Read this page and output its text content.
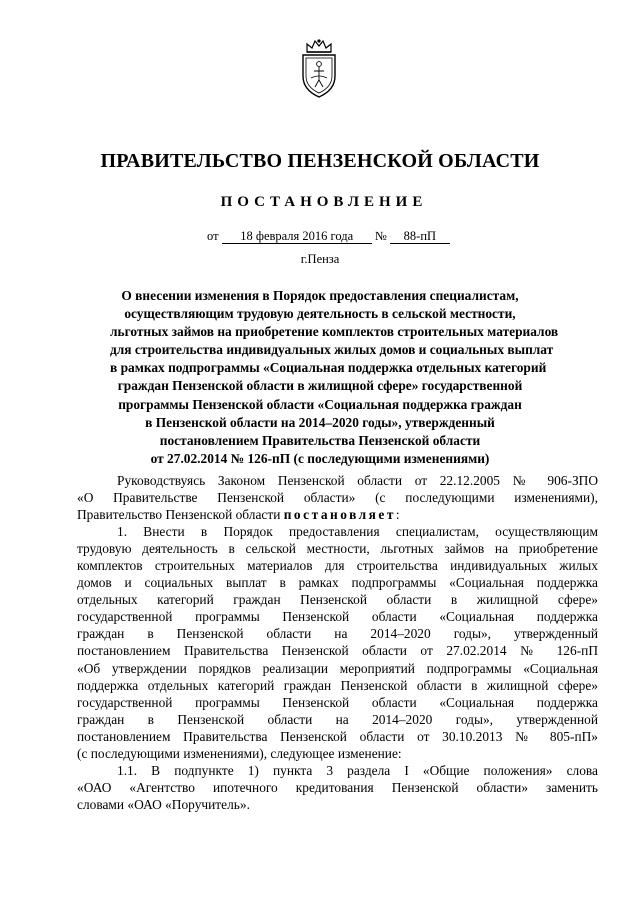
ПРАВИТЕЛЬСТВО ПЕНЗЕНСКОЙ ОБЛАСТИ
ПОСТАНОВЛЕНИЕ
от 18 февраля 2016 года № 88-пП
г.Пенза
О внесении изменения в Порядок предоставления специалистам,
осуществляющим трудовую деятельность в сельской местности,
льготных займов на приобретение комплектов строительных материалов
для строительства индивидуальных жилых домов и социальных выплат
в рамках подпрограммы «Социальная поддержка отдельных категорий
граждан Пензенской области в жилищной сфере» государственной
программы Пензенской области «Социальная поддержка граждан
в Пензенской области на 2014–2020 годы», утвержденный
постановлением Правительства Пензенской области
от 27.02.2014 № 126-пП (с последующими изменениями)
Руководствуясь Законом Пензенской области от 22.12.2005 № 906-ЗПО
«О Правительстве Пензенской области» (с последующими изменениями),
Правительство Пензенской области постановляет:
1. Внести в Порядок предоставления специалистам, осуществляющим
трудовую деятельность в сельской местности, льготных займов на приобретение
комплектов строительных материалов для строительства индивидуальных жилых
домов и социальных выплат в рамках подпрограммы «Социальная поддержка
отдельных категорий граждан Пензенской области в жилищной сфере»
государственной программы Пензенской области «Социальная поддержка
граждан в Пензенской области на 2014–2020 годы», утвержденный
постановлением Правительства Пензенской области от 27.02.2014 № 126-пП
«Об утверждении порядков реализации мероприятий подпрограммы «Социальная
поддержка отдельных категорий граждан Пензенской области в жилищной сфере»
государственной программы Пензенской области «Социальная поддержка
граждан в Пензенской области на 2014–2020 годы», утвержденной
постановлением Правительства Пензенской области от 30.10.2013 № 805-пП»
(с последующими изменениями), следующее изменение:
1.1. В подпункте 1) пункта 3 раздела I «Общие положения» слова
«ОАО «Агентство ипотечного кредитования Пензенской области» заменить
словами «ОАО «Поручитель».
